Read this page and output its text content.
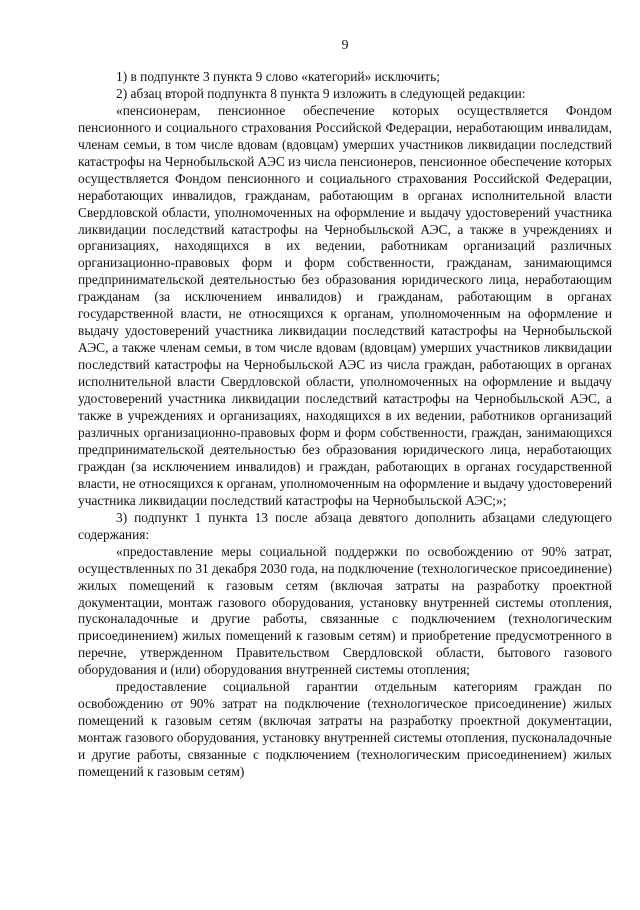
9

1) в подпункте 3 пункта 9 слово «категорий» исключить;

2) абзац второй подпункта 8 пункта 9 изложить в следующей редакции:

«пенсионерам, пенсионное обеспечение которых осуществляется Фондом пенсионного и социального страхования Российской Федерации, неработающим инвалидам, членам семьи, в том числе вдовам (вдовцам) умерших участников ликвидации последствий катастрофы на Чернобыльской АЭС из числа пенсионеров, пенсионное обеспечение которых осуществляется Фондом пенсионного и социального страхования Российской Федерации, неработающих инвалидов, гражданам, работающим в органах исполнительной власти Свердловской области, уполномоченных на оформление и выдачу удостоверений участника ликвидации последствий катастрофы на Чернобыльской АЭС, а также в учреждениях и организациях, находящихся в их ведении, работникам организаций различных организационно-правовых форм и форм собственности, гражданам, занимающимся предпринимательской деятельностью без образования юридического лица, неработающим гражданам (за исключением инвалидов) и гражданам, работающим в органах государственной власти, не относящихся к органам, уполномоченным на оформление и выдачу удостоверений участника ликвидации последствий катастрофы на Чернобыльской АЭС, а также членам семьи, в том числе вдовам (вдовцам) умерших участников ликвидации последствий катастрофы на Чернобыльской АЭС из числа граждан, работающих в органах исполнительной власти Свердловской области, уполномоченных на оформление и выдачу удостоверений участника ликвидации последствий катастрофы на Чернобыльской АЭС, а также в учреждениях и организациях, находящихся в их ведении, работников организаций различных организационно-правовых форм и форм собственности, граждан, занимающихся предпринимательской деятельностью без образования юридического лица, неработающих граждан (за исключением инвалидов) и граждан, работающих в органах государственной власти, не относящихся к органам, уполномоченным на оформление и выдачу удостоверений участника ликвидации последствий катастрофы на Чернобыльской АЭС;»;

3) подпункт 1 пункта 13 после абзаца девятого дополнить абзацами следующего содержания:

«предоставление меры социальной поддержки по освобождению от 90% затрат, осуществленных по 31 декабря 2030 года, на подключение (технологическое присоединение) жилых помещений к газовым сетям (включая затраты на разработку проектной документации, монтаж газового оборудования, установку внутренней системы отопления, пусконаладочные и другие работы, связанные с подключением (технологическим присоединением) жилых помещений к газовым сетям) и приобретение предусмотренного в перечне, утвержденном Правительством Свердловской области, бытового газового оборудования и (или) оборудования внутренней системы отопления;

предоставление социальной гарантии отдельным категориям граждан по освобождению от 90% затрат на подключение (технологическое присоединение) жилых помещений к газовым сетям (включая затраты на разработку проектной документации, монтаж газового оборудования, установку внутренней системы отопления, пусконаладочные и другие работы, связанные с подключением (технологическим присоединением) жилых помещений к газовым сетям)
